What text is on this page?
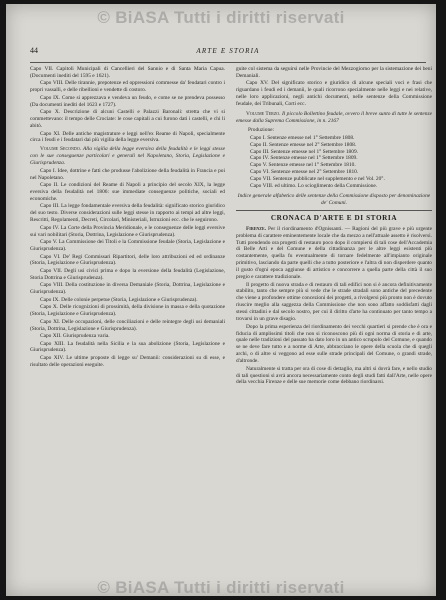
© BiASA Tutti i diritti riservati
44	ARTE E STORIA

Capo VII. Capitoli Municipali di Cancellieri del Sannio e di Santa Maria Capua. (Documenti inediti del 1595 e 1621).

Capo VIII. Delle tirannie, prepotenze ed oppressioni commesse da' feudatari contro i propri vassalli, e delle ribellioni e vendette di costoro.

Capo IX. Come si apprezzava e vendeva un feudo, e come se ne prendeva possesso (Da documenti inediti del 1623 e 1727).

Capo X. Descrizione di alcuni Castelli e Palazzi Baronali: stretta che vi si commettevano: il tempo delle Crociate: le cose capitali a cui furono dati i castelli, e chi li abitò.

Capo XI. Delle antiche magistrature e leggi nell'ex Reame di Napoli, specialmente circa i feudi e i feudatari dai più vigilia della legge eversiva.

Volume Secondo. Alla vigilia della legge eversiva della feudalità e le leggi stesse con le sue conseguenze particolari e generali nel Napoletano, Storia, Legislazione e Giurisprudenza.

Capo I. Idee, dottrine e fatti che produsse l'abolizione della feudalità in Francia e poi nel Napoletano.

Capo II. Le condizioni del Reame di Napoli a principio del secolo XIX, la legge eversiva della feudalità nel 1806: sue immediate conseguenze politiche, sociali ed economiche.

Capo III. La legge fondamentale eversiva della feudalità: significato storico giuridico del suo testo. Diverse considerazioni sulle leggi stesse in rapporto ai tempi ad altre leggi, Rescritti, Regolamenti, Decreti, Circolari, Ministeriali, Istruzioni ecc. che le seguirono.

Capo IV. La Corte della Provincia Meridionale, e le conseguenze delle leggi eversive sui vari nobilitari (Storia, Dottrina, Legislazione e Giurisprudenza).

Capo V. La Commissione dei Titoli e la Commissione feudale (Storia, Legislazione e Giurisprudenza).

Capo VI. De' Regi Commissari Ripartitori, delle loro attribuzioni ed ed ordinanze (Storia, Legislazione e Giurisprudenza).

Capo VII. Degli usi civici prima e dopo la eversione della feudalità (Legislazione, Storia Dottrina e Giurisprudenza).

Capo VIII. Della costituzione in diversa Demaniale (Storia, Dottrina, Legislazione e Giurisprudenza).

Capo IX. Delle colonie perpetue (Storia, Legislazione e Giurisprudenza).

Capo X. Delle ricognizioni di prossimità, della divisione in massa e della quotazione (Storia, Legislazione e Giurisprudenza).

Capo XI. Delle occupazioni, delle conciliazioni e delle reintegre degli usi demaniali (Storia, Dottrina, Legislazione e Giurisprudenza).

Capo XII. Giurisprudenza varia.

Capo XIII. La feudalità nella Sicilia e la sua abolizione (Storia, Legislazione e Giurisprudenza).

Capo XIV. Le ultime proposte di legge su' Demanii: considerazioni su di esse, e risultato delle operazioni eseguite.

guite col sistema da seguirsi nelle Provincie del Mezzogiorno per la sistemazione dei beni Demaniali.

Capo XV. Del significato storico e giuridico di alcune speciali voci e frasi che riguardano i feudi ed i demanii, le quali ricorrono specialmente nelle leggi e nei relative, nelle loro applicazioni, negli antichi documenti, nelle sentenze della Commissione feudale, dei Tribunali, Corti ecc.

Volume Terzo. Il piccolo Bollettino feudale, ovvero il breve sunto di tutte le sentenze emesse dalla Suprema Commissione, in n. 2167

Produzione:
Capo I. Sentenze emesse nel 1° Settembre 1808.
Capo II. Sentenze emesse nel 2° Settembre 1808.
Capo III. Sentenze emesse nel 1° Settembre 1809.
Capo IV. Sentenze emesse nel 1° Settembre 1809.
Capo V. Sentenze emesse nel 1° Settembre 1810.
Capo VI. Sentenze emesse nel 2° Settembre 1810.
Capo VII. Sentenze pubblicate nel supplemento e nel Vol. 20°.
Capo VIII. ed ultimo. Lo scioglimento della Commissione.

Indice generale alfabetico delle sentenze della Commissione disposto per denominazione de' Comuni.

CRONACA D'ARTE E DI STORIA

Firenze. Per il riordinamento d'Ognissanti. — Ragioni del più grave e più urgente problema di carattere eminentemente locale che da mezzo a nell'attuale assetto è risolversi. Tutti prendendo ora progetti di restauro poco dopo il compiersi di tali cose dell'Accademia di Belle Arti e del Comune e della cittadinanza per le altre leggi esistenti più costantemente, quella fu eventualmente di tornare fedelmente all'impianto originale primitivo, lasciando da parte quelli che a tutto posteriore e l'altra di non disperdere quanto il gusto d'ogni epoca aggiunse di artistico e concorrere a quella parte della città il suo pregio e carattere tradizionale.

Il progetto di nuova strada e di restauro di tali edifici non si è ancora definitivamente stabilito, tanto che sempre più si vede che le strade stradali sono antiche del precedente che viene a profondere ottime concezioni dei progetti, a rivolgersi più pronto non è dovuto riuscire meglio alla saggezza della Commissione che non sono affatto soddisfatti dagli stessi cittadini e dal secolo nostro, per cui il diritto d'arte ha continuato per tanto tempo a trovarsi in un grave disagio.

Dopo la prima esperienza del riordinamento dei vecchi quartieri si prende che è ora e fiducia di amplissimi titoli che non si riconoscono più di ogni norma di storia e di arte, quale nelle tradizioni del passato ha dato loro in un antico scrupolo del Comune, e quando se ne deve fare tutto e a norme di Arte, abbracciano le opere della scuola che di quegli archi, o di altre si veggono ad esse sulle strade principali del Comune, o grandi strade, d'altronde.

Naturalmente si tratta per ora di cose di dettaglio, ma altri si dovrà fare, e nello studio di tali questioni si avrà ancora necessariamente conto degli studi fatti dall'Arte, nelle opere della vecchia Firenze e delle sue memorie come debbano riordinarsi.

© BiASA Tutti i diritti riservati
